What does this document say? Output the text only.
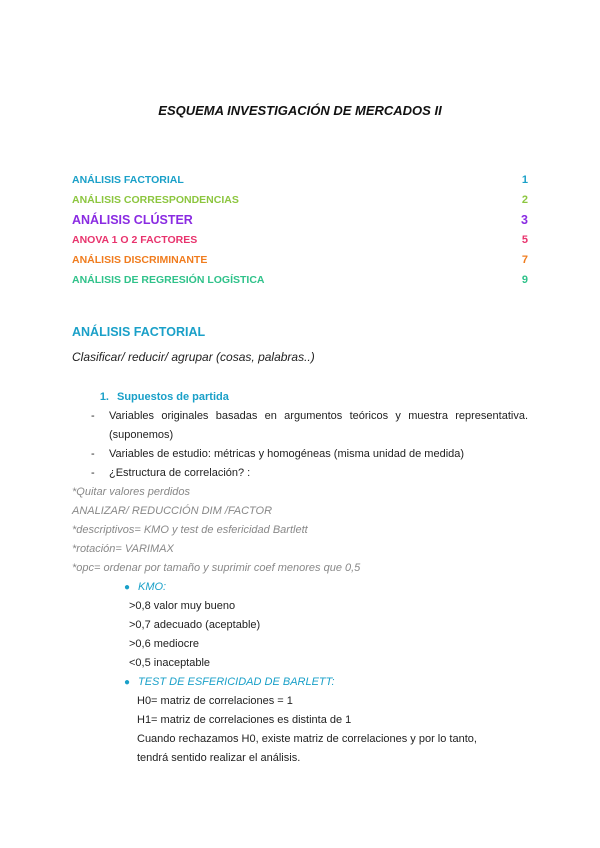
ESQUEMA INVESTIGACIÓN DE MERCADOS II
ANÁLISIS FACTORIAL	1
ANÁLISIS CORRESPONDENCIAS	2
ANÁLISIS CLÚSTER	3
ANOVA 1 O 2 FACTORES	5
ANÁLISIS DISCRIMINANTE	7
ANÁLISIS DE REGRESIÓN LOGÍSTICA	9
ANÁLISIS FACTORIAL
Clasificar/ reducir/ agrupar (cosas, palabras..)
1. Supuestos de partida
-	Variables originales basadas en argumentos teóricos y muestra representativa. (suponemos)
-	Variables de estudio: métricas y homogéneas (misma unidad de medida)
-	¿Estructura de correlación? :
*Quitar valores perdidos
ANALIZAR/ REDUCCIÓN DIM /FACTOR
*descriptivos= KMO y test de esfericidad Bartlett
*rotación= VARIMAX
*opc= ordenar por tamaño y suprimir coef menores que 0,5
● KMO:
>0,8 valor muy bueno
>0,7 adecuado (aceptable)
>0,6 mediocre
<0,5 inaceptable
● TEST DE ESFERICIDAD DE BARLETT:
H0= matriz de correlaciones = 1
H1= matriz de correlaciones es distinta de 1
Cuando rechazamos H0, existe matriz de correlaciones y por lo tanto,
tendrá sentido realizar el análisis.
